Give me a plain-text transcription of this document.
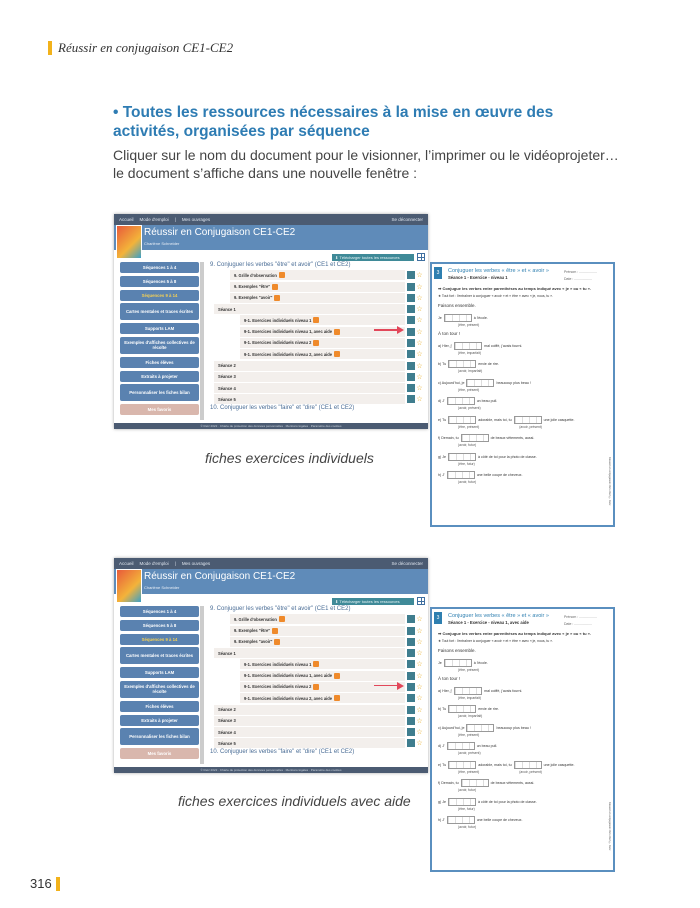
Réussir en conjugaison CE1-CE2
• Toutes les ressources nécessaires à la mise en œuvre des activités, organisées par séquence
Cliquer sur le nom du document pour le visionner, l’imprimer ou le vidéoprojeter…
le document s’affiche dans une nouvelle fenêtre :
Accueil Mode d'emploi | Mes ouvrages	Se déconnecter
Réussir en Conjugaison CE1-CE2
Charlène Schneider
⬇ Télécharger toutes les ressources
Séquences 1 à 4
Séquences 5 à 8
Séquences 9 à 14
Cartes mentales et traces écrites
Supports LAM
Exemples d'affiches collectives de récolte
Fiches élèves
Extraits à projeter
Personnaliser les fiches bilan
Mes favoris
9. Conjuguer les verbes "être" et avoir" (CE1 et CE2)
9. Grille d'observation	☆
9. Exemples "être"	☆
9. Exemples "avoir"	☆
Séance 1	☆
9-1. Exercices individuels niveau 1	☆
9-1. Exercices individuels niveau 1, avec aide	☆
9-1. Exercices individuels niveau 2	☆
9-1. Exercices individuels niveau 2, avec aide	☆
Séance 2	☆
Séance 3	☆
Séance 4	☆
Séance 5	☆
10. Conjuguer les verbes "faire" et "dire" (CE1 et CE2)
© Retz 2022 · Charte de protection des données personnelles · Mentions légales · Paramètre des cookies
3	Conjuguer les verbes « être » et « avoir »
Séance 1 - Exercice - niveau 1
Prénom : ..................
Date : ..................
➡ Conjugue les verbes entre parenthèses au temps indiqué avec « je » ou « tu ».
★ Tout fort : l'entraîner à conjuguer « avoir » et « être » avec « je, nous, tu ».
Faisons ensemble.
Je	à l'école.
(être, présent)
À ton tour !
a) Hier, j'	mal coiffé, j'avais fourni.
(être, imparfait)
b) Tu	envie de rire.
(avoir, imparfait)
c) Aujourd'hui, je	beaucoup plus beau !
(être, présent)
d) J'	un beau pull.
(avoir, présent)
e) Tu	adorable, mais toi, tu	une jolie casquette.
(être, présent)	(avoir, présent)
f) Demain, tu	de beaux vêtements, aussi.
(avoir, futur)
g) Je	à côté de toi pour la photo de classe.
(être, futur)
h) J'	une belle coupe de cheveux.
(avoir, futur)	Réussir en conjugaison CE1-CE2 © Retz
Accueil Mode d'emploi | Mes ouvrages	Se déconnecter
Réussir en Conjugaison CE1-CE2
Charlène Schneider
⬇ Télécharger toutes les ressources
Séquences 1 à 4
Séquences 5 à 8
Séquences 9 à 14
Cartes mentales et traces écrites
Supports LAM
Exemples d'affiches collectives de récolte
Fiches élèves
Extraits à projeter
Personnaliser les fiches bilan
Mes favoris
9. Conjuguer les verbes "être" et avoir" (CE1 et CE2)
9. Grille d'observation	☆
9. Exemples "être"	☆
9. Exemples "avoir"	☆
Séance 1	☆
9-1. Exercices individuels niveau 1	☆
9-1. Exercices individuels niveau 1, avec aide	☆
9-1. Exercices individuels niveau 2	☆
9-1. Exercices individuels niveau 2, avec aide	☆
Séance 2	☆
Séance 3	☆
Séance 4	☆
Séance 5	☆
10. Conjuguer les verbes "faire" et "dire" (CE1 et CE2)
© Retz 2022 · Charte de protection des données personnelles · Mentions légales · Paramètre des cookies
3	Conjuguer les verbes « être » et « avoir »
Séance 1 - Exercice - niveau 1, avec aide
Prénom : ..................
Date : ..................
➡ Conjugue les verbes entre parenthèses au temps indiqué avec « je » ou « tu ».
★ Tout fort : l'entraîner à conjuguer « avoir » et « être » avec « je, nous, tu ».
Faisons ensemble.
Je	à l'école.
(être, présent)
À ton tour !
a) Hier, j'	mal coiffé, j'avais fourni.
(être, imparfait)
b) Tu	envie de rire.
(avoir, imparfait)
c) Aujourd'hui, je	beaucoup plus beau !
(être, présent)
d) J'	un beau pull.
(avoir, présent)
e) Tu	adorable, mais toi, tu	une jolie casquette.
(être, présent)	(avoir, présent)
f) Demain, tu	de beaux vêtements, aussi.
(avoir, futur)
g) Je	à côté de toi pour la photo de classe.
(être, futur)
h) J'	une belle coupe de cheveux.
(avoir, futur)	Réussir en conjugaison CE1-CE2 © Retz
fiches exercices individuels
fiches exercices individuels avec aide
316
